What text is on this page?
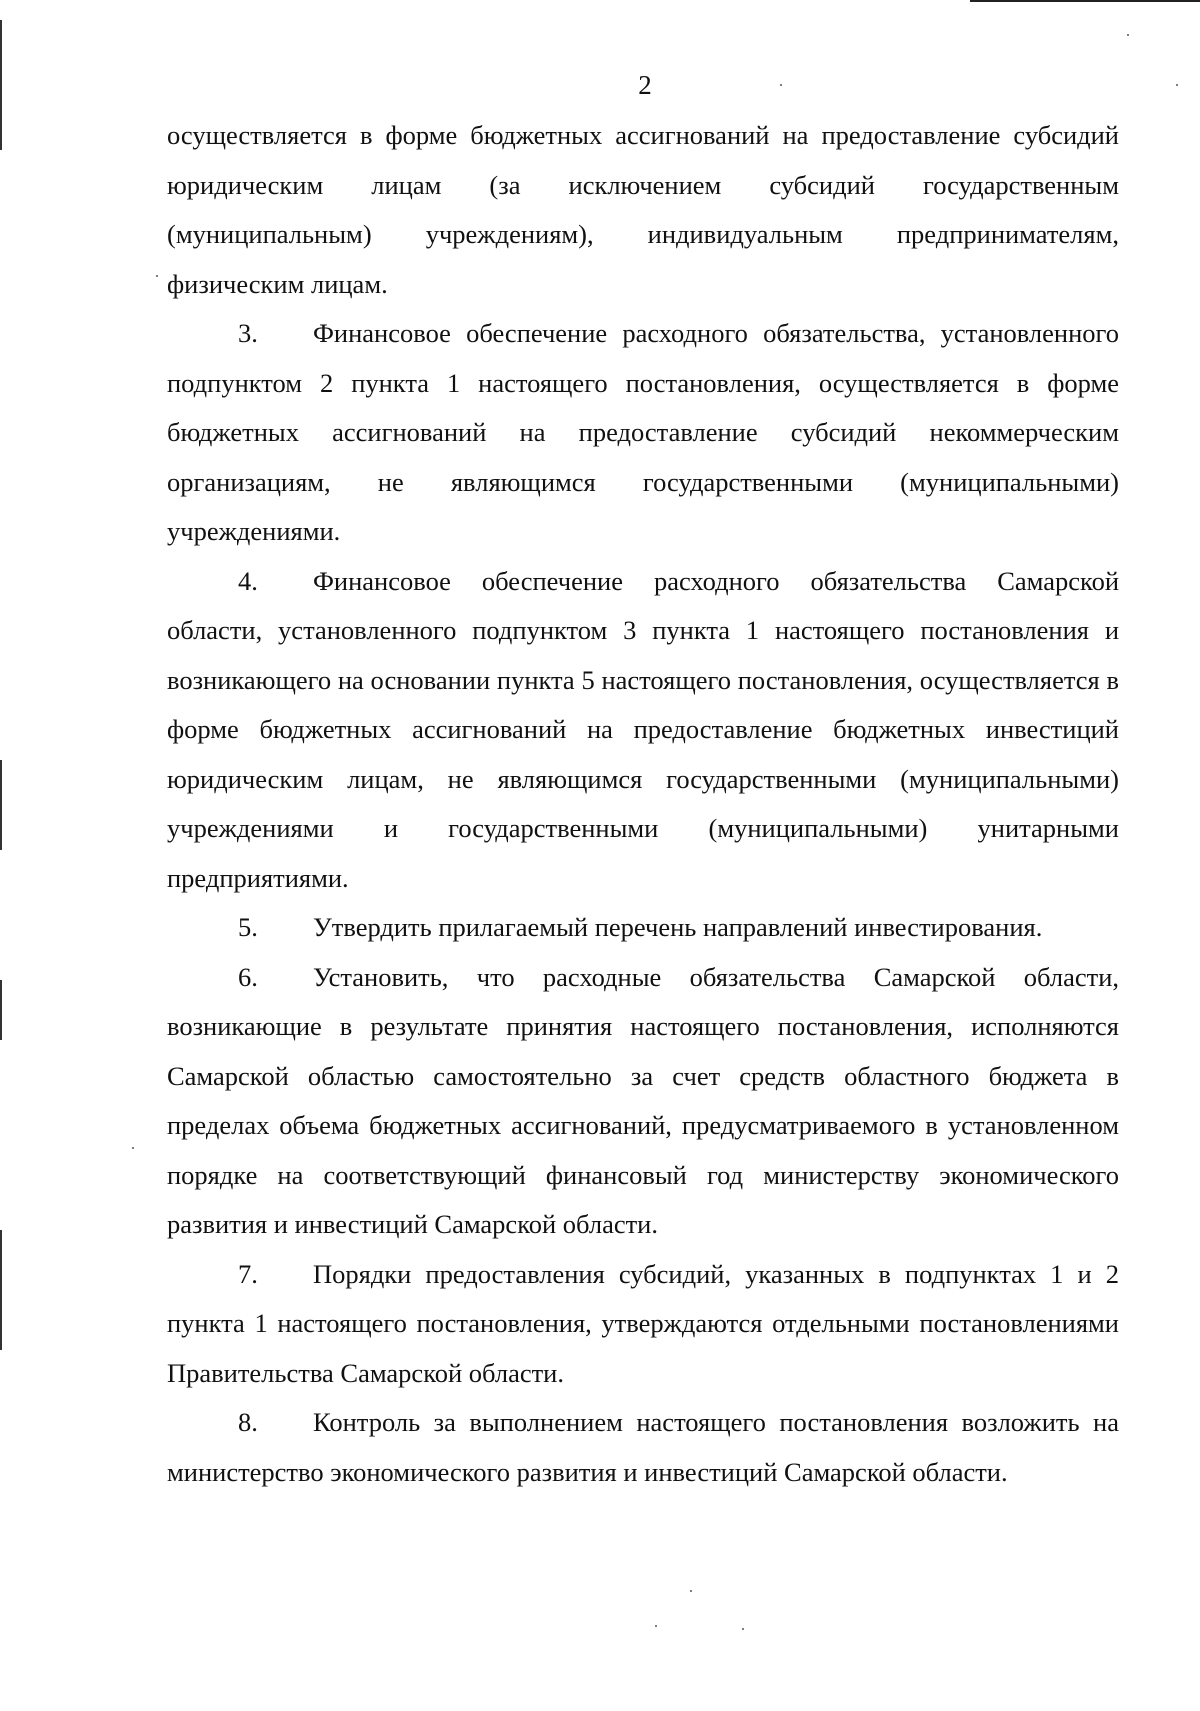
2

осуществляется в форме бюджетных ассигнований на предоставление субсидий юридическим лицам (за исключением субсидий государственным (муниципальным) учреждениям), индивидуальным предпринимателям, физическим лицам.

3. Финансовое обеспечение расходного обязательства, установленного подпунктом 2 пункта 1 настоящего постановления, осуществляется в форме бюджетных ассигнований на предоставление субсидий некоммерческим организациям, не являющимся государственными (муниципальными) учреждениями.

4. Финансовое обеспечение расходного обязательства Самарской области, установленного подпунктом 3 пункта 1 настоящего постановления и возникающего на основании пункта 5 настоящего постановления, осуществляется в форме бюджетных ассигнований на предоставление бюджетных инвестиций юридическим лицам, не являющимся государственными (муниципальными) учреждениями и государственными (муниципальными) унитарными предприятиями.

5. Утвердить прилагаемый перечень направлений инвестирования.

6. Установить, что расходные обязательства Самарской области, возникающие в результате принятия настоящего постановления, исполняются Самарской областью самостоятельно за счет средств областного бюджета в пределах объема бюджетных ассигнований, предусматриваемого в установленном порядке на соответствующий финансовый год министерству экономического развития и инвестиций Самарской области.

7. Порядки предоставления субсидий, указанных в подпунктах 1 и 2 пункта 1 настоящего постановления, утверждаются отдельными постановлениями Правительства Самарской области.

8. Контроль за выполнением настоящего постановления возложить на министерство экономического развития и инвестиций Самарской области.
